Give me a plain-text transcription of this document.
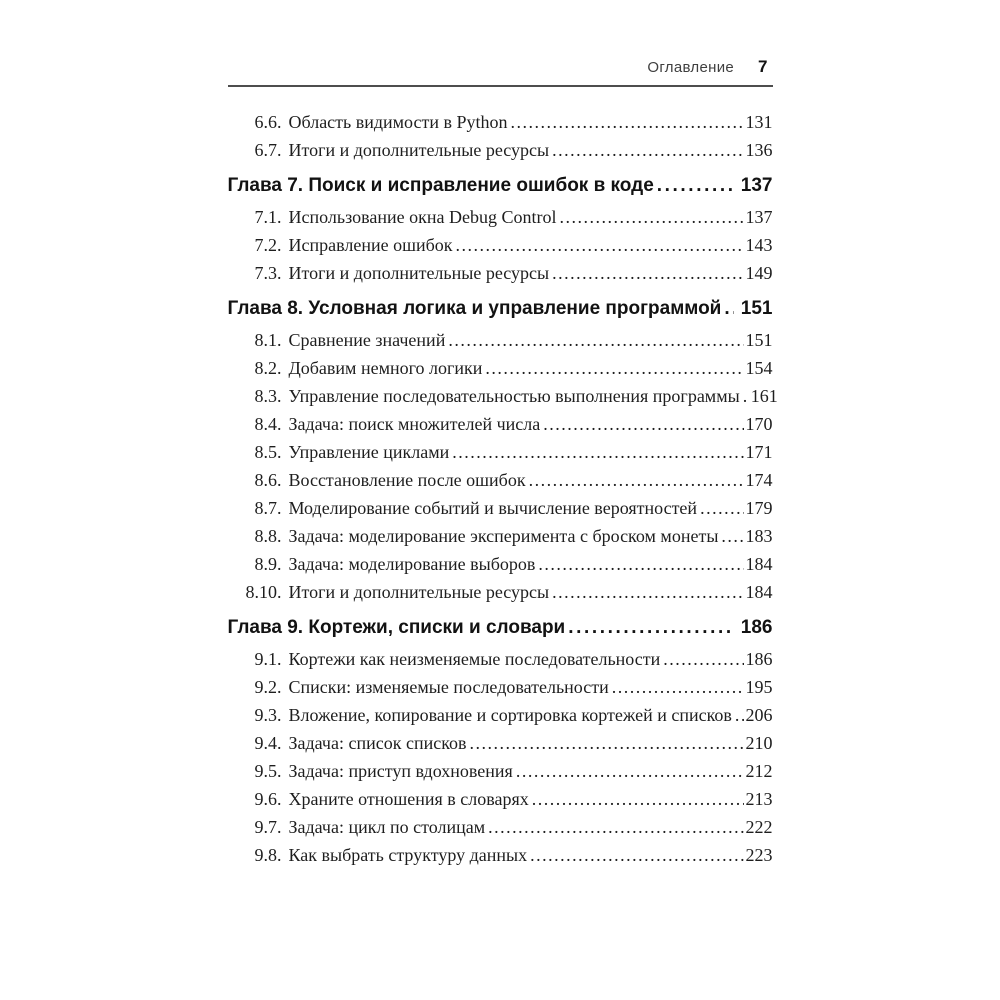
Оглавление 7
6.6. Область видимости в Python .....	131
6.7. Итоги и дополнительные ресурсы .....	136
Глава 7. Поиск и исправление ошибок в коде .....	137
7.1. Использование окна Debug Control .....	137
7.2. Исправление ошибок .....	143
7.3. Итоги и дополнительные ресурсы .....	149
Глава 8. Условная логика и управление программой .....	151
8.1. Сравнение значений .....	151
8.2. Добавим немного логики .....	154
8.3. Управление последовательностью выполнения программы ..... 161
8.4. Задача: поиск множителей числа .....	170
8.5. Управление циклами .....	171
8.6. Восстановление после ошибок .....	174
8.7. Моделирование событий и вычисление вероятностей .....	179
8.8. Задача: моделирование эксперимента с броском монеты ..... 183
8.9. Задача: моделирование выборов .....	184
8.10. Итоги и дополнительные ресурсы .....	184
Глава 9. Кортежи, списки и словари .....	186
9.1. Кортежи как неизменяемые последовательности .....	186
9.2. Списки: изменяемые последовательности .....	195
9.3. Вложение, копирование и сортировка кортежей и списков ..... 206
9.4. Задача: список списков .....	210
9.5. Задача: приступ вдохновения .....	212
9.6. Храните отношения в словарях .....	213
9.7. Задача: цикл по столицам .....	222
9.8. Как выбрать структуру данных .....	223
